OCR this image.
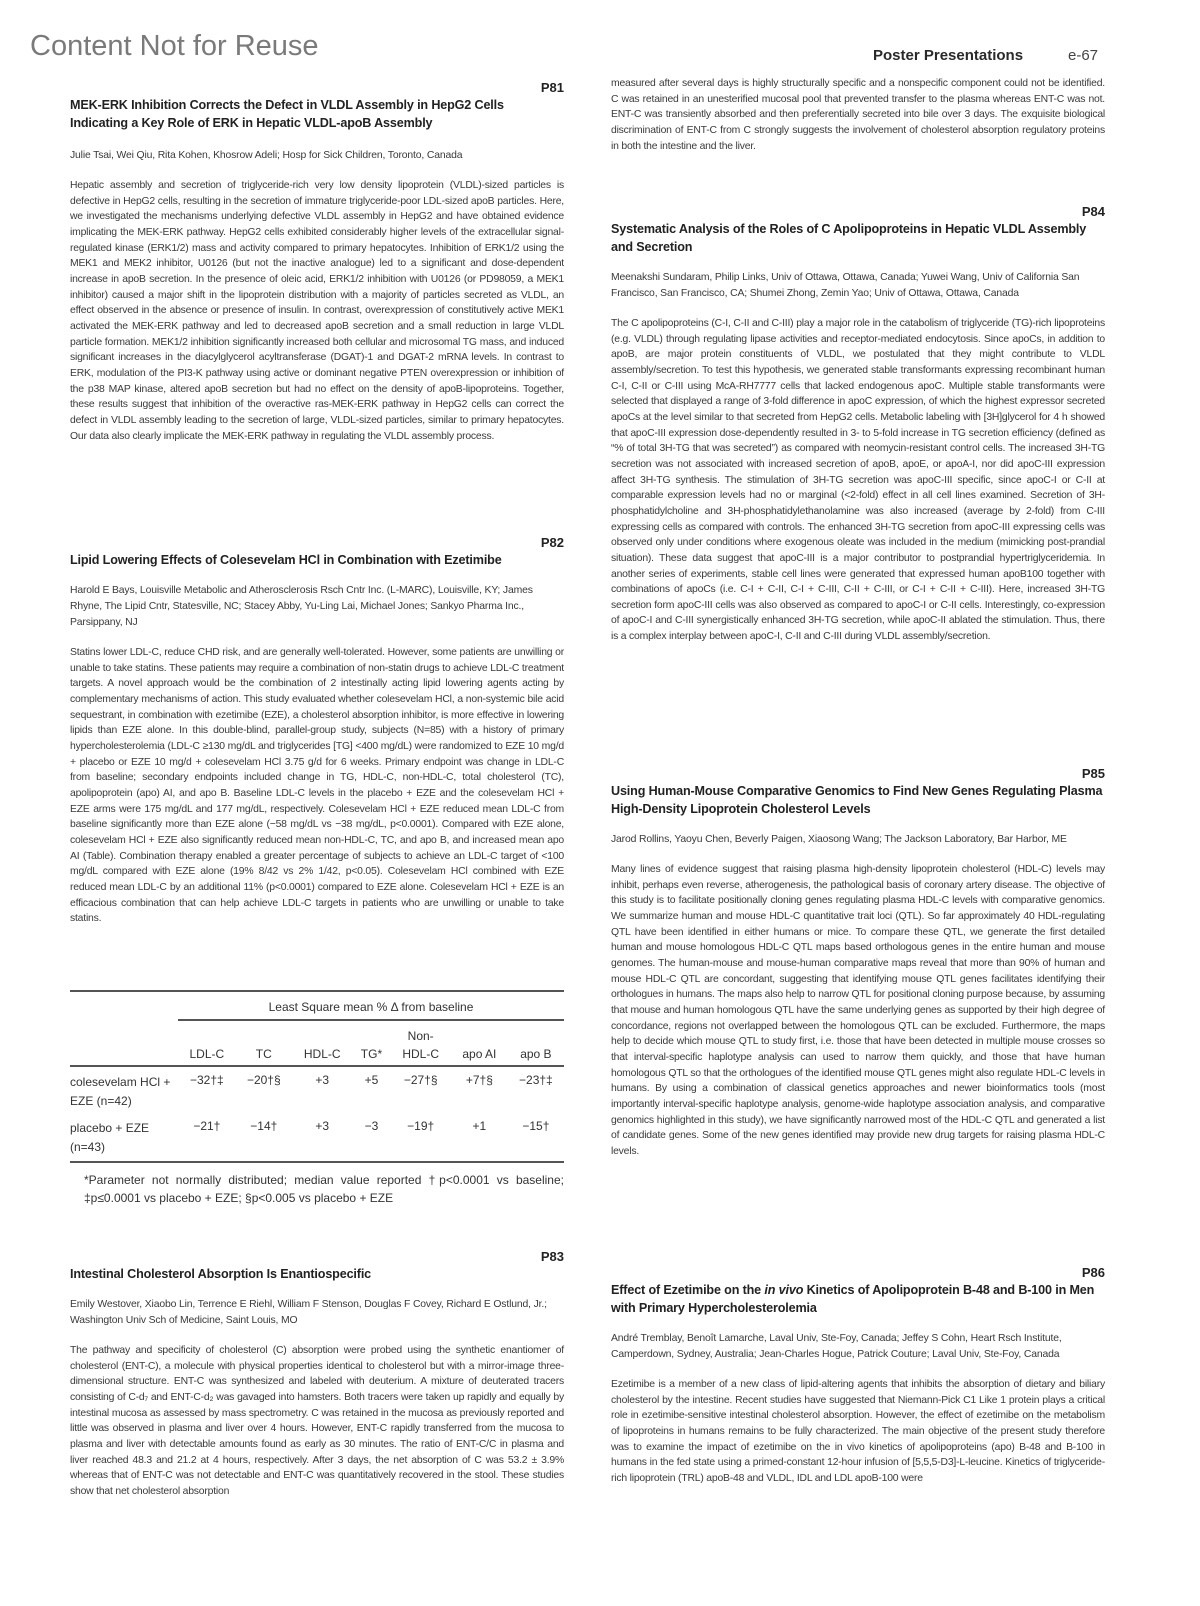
Content Not for Reuse	Poster Presentations	e-67
P81
MEK-ERK Inhibition Corrects the Defect in VLDL Assembly in HepG2 Cells Indicating a Key Role of ERK in Hepatic VLDL-apoB Assembly
Julie Tsai, Wei Qiu, Rita Kohen, Khosrow Adeli; Hosp for Sick Children, Toronto, Canada
Hepatic assembly and secretion of triglyceride-rich very low density lipoprotein (VLDL)-sized particles is defective in HepG2 cells, resulting in the secretion of immature triglyceride-poor LDL-sized apoB particles. Here, we investigated the mechanisms underlying defective VLDL assembly in HepG2 and have obtained evidence implicating the MEK-ERK pathway. HepG2 cells exhibited considerably higher levels of the extracellular signal-regulated kinase (ERK1/2) mass and activity compared to primary hepatocytes. Inhibition of ERK1/2 using the MEK1 and MEK2 inhibitor, U0126 (but not the inactive analogue) led to a significant and dose-dependent increase in apoB secretion. In the presence of oleic acid, ERK1/2 inhibition with U0126 (or PD98059, a MEK1 inhibitor) caused a major shift in the lipoprotein distribution with a majority of particles secreted as VLDL, an effect observed in the absence or presence of insulin. In contrast, overexpression of constitutively active MEK1 activated the MEK-ERK pathway and led to decreased apoB secretion and a small reduction in large VLDL particle formation. MEK1/2 inhibition significantly increased both cellular and microsomal TG mass, and induced significant increases in the diacylglycerol acyltransferase (DGAT)-1 and DGAT-2 mRNA levels. In contrast to ERK, modulation of the PI3-K pathway using active or dominant negative PTEN overexpression or inhibition of the p38 MAP kinase, altered apoB secretion but had no effect on the density of apoB-lipoproteins. Together, these results suggest that inhibition of the overactive ras-MEK-ERK pathway in HepG2 cells can correct the defect in VLDL assembly leading to the secretion of large, VLDL-sized particles, similar to primary hepatocytes. Our data also clearly implicate the MEK-ERK pathway in regulating the VLDL assembly process.
P82
Lipid Lowering Effects of Colesevelam HCl in Combination with Ezetimibe
Harold E Bays, Louisville Metabolic and Atherosclerosis Rsch Cntr Inc. (L-MARC), Louisville, KY; James Rhyne, The Lipid Cntr, Statesville, NC; Stacey Abby, Yu-Ling Lai, Michael Jones; Sankyo Pharma Inc., Parsippany, NJ
Statins lower LDL-C, reduce CHD risk, and are generally well-tolerated. However, some patients are unwilling or unable to take statins. These patients may require a combination of non-statin drugs to achieve LDL-C treatment targets. A novel approach would be the combination of 2 intestinally acting lipid lowering agents acting by complementary mechanisms of action. This study evaluated whether colesevelam HCl, a non-systemic bile acid sequestrant, in combination with ezetimibe (EZE), a cholesterol absorption inhibitor, is more effective in lowering lipids than EZE alone. In this double-blind, parallel-group study, subjects (N=85) with a history of primary hypercholesterolemia (LDL-C ≥130 mg/dL and triglycerides [TG] <400 mg/dL) were randomized to EZE 10 mg/d + placebo or EZE 10 mg/d + colesevelam HCl 3.75 g/d for 6 weeks. Primary endpoint was change in LDL-C from baseline; secondary endpoints included change in TG, HDL-C, non-HDL-C, total cholesterol (TC), apolipoprotein (apo) AI, and apo B. Baseline LDL-C levels in the placebo + EZE and the colesevelam HCl + EZE arms were 175 mg/dL and 177 mg/dL, respectively. Colesevelam HCl + EZE reduced mean LDL-C from baseline significantly more than EZE alone (−58 mg/dL vs −38 mg/dL, p<0.0001). Compared with EZE alone, colesevelam HCl + EZE also significantly reduced mean non-HDL-C, TC, and apo B, and increased mean apo AI (Table). Combination therapy enabled a greater percentage of subjects to achieve an LDL-C target of <100 mg/dL compared with EZE alone (19% 8/42 vs 2% 1/42, p<0.05). Colesevelam HCl combined with EZE reduced mean LDL-C by an additional 11% (p<0.0001) compared to EZE alone. Colesevelam HCl + EZE is an efficacious combination that can help achieve LDL-C targets in patients who are unwilling or unable to take statins.

	Least Square mean % Δ from baseline						
					Non-		
	LDL-C	TC	HDL-C	TG*	HDL-C	apo AI	apo B
colesevelam HCl + EZE (n=42)	−32†‡	−20†§	+3	+5	−27†§	+7†§	−23†‡
placebo + EZE (n=43)	−21†	−14†	+3	−3	−19†	+1	−15†
*Parameter not normally distributed; median value reported †p<0.0001 vs baseline; ‡p≤0.0001 vs placebo + EZE; §p<0.005 vs placebo + EZE
P83
Intestinal Cholesterol Absorption Is Enantiospecific
Emily Westover, Xiaobo Lin, Terrence E Riehl, William F Stenson, Douglas F Covey, Richard E Ostlund, Jr.; Washington Univ Sch of Medicine, Saint Louis, MO
The pathway and specificity of cholesterol (C) absorption were probed using the synthetic enantiomer of cholesterol (ENT-C), a molecule with physical properties identical to cholesterol but with a mirror-image three-dimensional structure. ENT-C was synthesized and labeled with deuterium. A mixture of deuterated tracers consisting of C-d₇ and ENT-C-d₂ was gavaged into hamsters. Both tracers were taken up rapidly and equally by intestinal mucosa as assessed by mass spectrometry. C was retained in the mucosa as previously reported and little was observed in plasma and liver over 4 hours. However, ENT-C rapidly transferred from the mucosa to plasma and liver with detectable amounts found as early as 30 minutes. The ratio of ENT-C/C in plasma and liver reached 48.3 and 21.2 at 4 hours, respectively. After 3 days, the net absorption of C was 53.2 ± 3.9% whereas that of ENT-C was not detectable and ENT-C was quantitatively recovered in the stool. These studies show that net cholesterol absorption
measured after several days is highly structurally specific and a nonspecific component could not be identified. C was retained in an unesterified mucosal pool that prevented transfer to the plasma whereas ENT-C was not. ENT-C was transiently absorbed and then preferentially secreted into bile over 3 days. The exquisite biological discrimination of ENT-C from C strongly suggests the involvement of cholesterol absorption regulatory proteins in both the intestine and the liver.
P84
Systematic Analysis of the Roles of C Apolipoproteins in Hepatic VLDL Assembly and Secretion
Meenakshi Sundaram, Philip Links, Univ of Ottawa, Ottawa, Canada; Yuwei Wang, Univ of California San Francisco, San Francisco, CA; Shumei Zhong, Zemin Yao; Univ of Ottawa, Ottawa, Canada
The C apolipoproteins (C-I, C-II and C-III) play a major role in the catabolism of triglyceride (TG)-rich lipoproteins (e.g. VLDL) through regulating lipase activities and receptor-mediated endocytosis. Since apoCs, in addition to apoB, are major protein constituents of VLDL, we postulated that they might contribute to VLDL assembly/secretion. To test this hypothesis, we generated stable transformants expressing recombinant human C-I, C-II or C-III using McA-RH7777 cells that lacked endogenous apoC. Multiple stable transformants were selected that displayed a range of 3-fold difference in apoC expression, of which the highest expressor secreted apoCs at the level similar to that secreted from HepG2 cells. Metabolic labeling with [3H]glycerol for 4 h showed that apoC-III expression dose-dependently resulted in 3- to 5-fold increase in TG secretion efficiency (defined as “% of total 3H-TG that was secreted”) as compared with neomycin-resistant control cells. The increased 3H-TG secretion was not associated with increased secretion of apoB, apoE, or apoA-I, nor did apoC-III expression affect 3H-TG synthesis. The stimulation of 3H-TG secretion was apoC-III specific, since apoC-I or C-II at comparable expression levels had no or marginal (<2-fold) effect in all cell lines examined. Secretion of 3H-phosphatidylcholine and 3H-phosphatidylethanolamine was also increased (average by 2-fold) from C-III expressing cells as compared with controls. The enhanced 3H-TG secretion from apoC-III expressing cells was observed only under conditions where exogenous oleate was included in the medium (mimicking post-prandial situation). These data suggest that apoC-III is a major contributor to postprandial hypertriglyceridemia. In another series of experiments, stable cell lines were generated that expressed human apoB100 together with combinations of apoCs (i.e. C-I + C-II, C-I + C-III, C-II + C-III, or C-I + C-II + C-III). Here, increased 3H-TG secretion form apoC-III cells was also observed as compared to apoC-I or C-II cells. Interestingly, co-expression of apoC-I and C-III synergistically enhanced 3H-TG secretion, while apoC-II ablated the stimulation. Thus, there is a complex interplay between apoC-I, C-II and C-III during VLDL assembly/secretion.
P85
Using Human-Mouse Comparative Genomics to Find New Genes Regulating Plasma High-Density Lipoprotein Cholesterol Levels
Jarod Rollins, Yaoyu Chen, Beverly Paigen, Xiaosong Wang; The Jackson Laboratory, Bar Harbor, ME
Many lines of evidence suggest that raising plasma high-density lipoprotein cholesterol (HDL-C) levels may inhibit, perhaps even reverse, atherogenesis, the pathological basis of coronary artery disease. The objective of this study is to facilitate positionally cloning genes regulating plasma HDL-C levels with comparative genomics. We summarize human and mouse HDL-C quantitative trait loci (QTL). So far approximately 40 HDL-regulating QTL have been identified in either humans or mice. To compare these QTL, we generate the first detailed human and mouse homologous HDL-C QTL maps based orthologous genes in the entire human and mouse genomes. The human-mouse and mouse-human comparative maps reveal that more than 90% of human and mouse HDL-C QTL are concordant, suggesting that identifying mouse QTL genes facilitates identifying their orthologues in humans. The maps also help to narrow QTL for positional cloning purpose because, by assuming that mouse and human homologous QTL have the same underlying genes as supported by their high degree of concordance, regions not overlapped between the homologous QTL can be excluded. Furthermore, the maps help to decide which mouse QTL to study first, i.e. those that have been detected in multiple mouse crosses so that interval-specific haplotype analysis can used to narrow them quickly, and those that have human homologous QTL so that the orthologues of the identified mouse QTL genes might also regulate HDL-C levels in humans. By using a combination of classical genetics approaches and newer bioinformatics tools (most importantly interval-specific haplotype analysis, genome-wide haplotype association analysis, and comparative genomics highlighted in this study), we have significantly narrowed most of the HDL-C QTL and generated a list of candidate genes. Some of the new genes identified may provide new drug targets for raising plasma HDL-C levels.
P86
Effect of Ezetimibe on the in vivo Kinetics of Apolipoprotein B-48 and B-100 in Men with Primary Hypercholesterolemia
André Tremblay, Benoît Lamarche, Laval Univ, Ste-Foy, Canada; Jeffey S Cohn, Heart Rsch Institute, Camperdown, Sydney, Australia; Jean-Charles Hogue, Patrick Couture; Laval Univ, Ste-Foy, Canada
Ezetimibe is a member of a new class of lipid-altering agents that inhibits the absorption of dietary and biliary cholesterol by the intestine. Recent studies have suggested that Niemann-Pick C1 Like 1 protein plays a critical role in ezetimibe-sensitive intestinal cholesterol absorption. However, the effect of ezetimibe on the metabolism of lipoproteins in humans remains to be fully characterized. The main objective of the present study therefore was to examine the impact of ezetimibe on the in vivo kinetics of apolipoproteins (apo) B-48 and B-100 in humans in the fed state using a primed-constant 12-hour infusion of [5,5,5-D3]-L-leucine. Kinetics of triglyceride-rich lipoprotein (TRL) apoB-48 and VLDL, IDL and LDL apoB-100 were
